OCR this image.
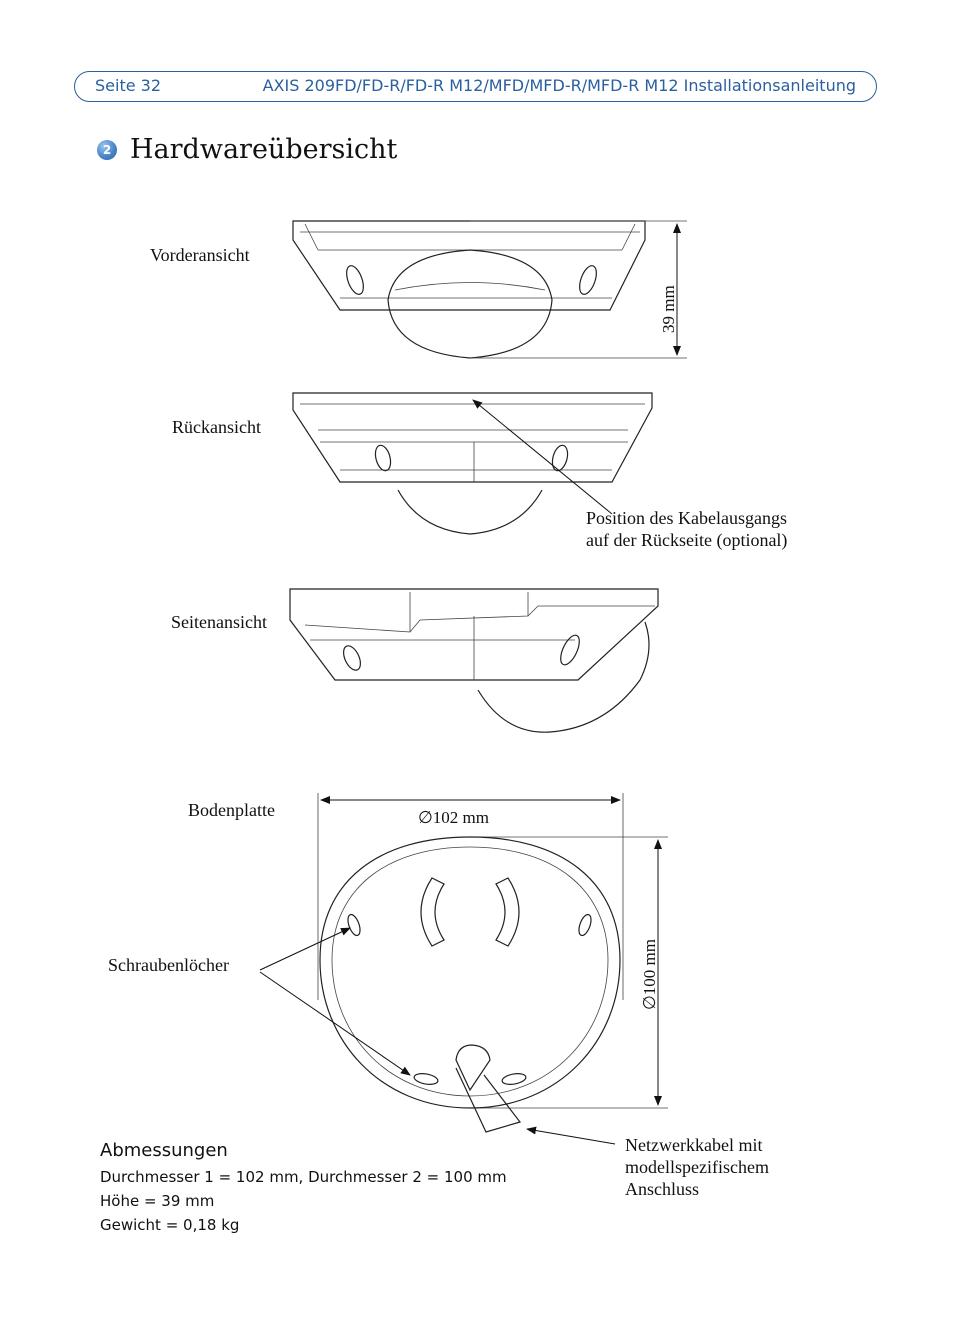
Seite 32	AXIS 209FD/FD-R/FD-R M12/MFD/MFD-R/MFD-R M12 Installationsanleitung
2 Hardwareübersicht
39 mm
∅102 mm
∅100 mm
Vorderansicht
Rückansicht
Seitenansicht
Bodenplatte
Position des Kabelausgangs
auf der Rückseite (optional)
Schraubenlöcher
Netzwerkkabel mit
modellspezifischem
Anschluss
Abmessungen
Durchmesser 1 = 102 mm, Durchmesser 2 = 100 mm
Höhe = 39 mm
Gewicht = 0,18 kg
